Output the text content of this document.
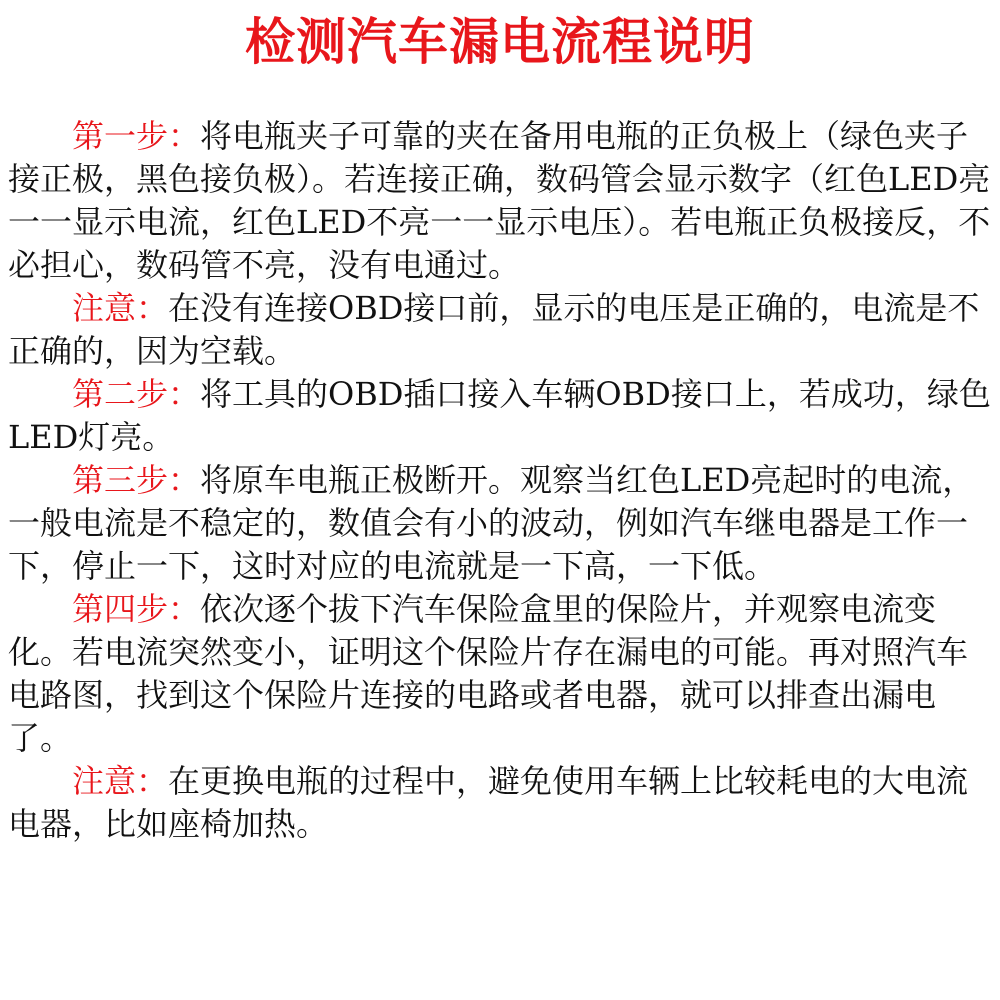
检测汽车漏电流程说明

第一步：将电瓶夹子可靠的夹在备用电瓶的正负极上（绿色夹子接正极，黑色接负极）。若连接正确，数码管会显示数字（红色LED亮一一显示电流，红色LED不亮一一显示电压）。若电瓶正负极接反，不必担心，数码管不亮，没有电通过。

注意：在没有连接OBD接口前，显示的电压是正确的，电流是不正确的，因为空载。

第二步：将工具的OBD插口接入车辆OBD接口上，若成功，绿色LED灯亮。

第三步：将原车电瓶正极断开。观察当红色LED亮起时的电流，一般电流是不稳定的，数值会有小的波动，例如汽车继电器是工作一下，停止一下，这时对应的电流就是一下高，一下低。

第四步：依次逐个拔下汽车保险盒里的保险片，并观察电流变化。若电流突然变小，证明这个保险片存在漏电的可能。再对照汽车电路图，找到这个保险片连接的电路或者电器，就可以排查出漏电了。

注意：在更换电瓶的过程中，避免使用车辆上比较耗电的大电流电器，比如座椅加热。
